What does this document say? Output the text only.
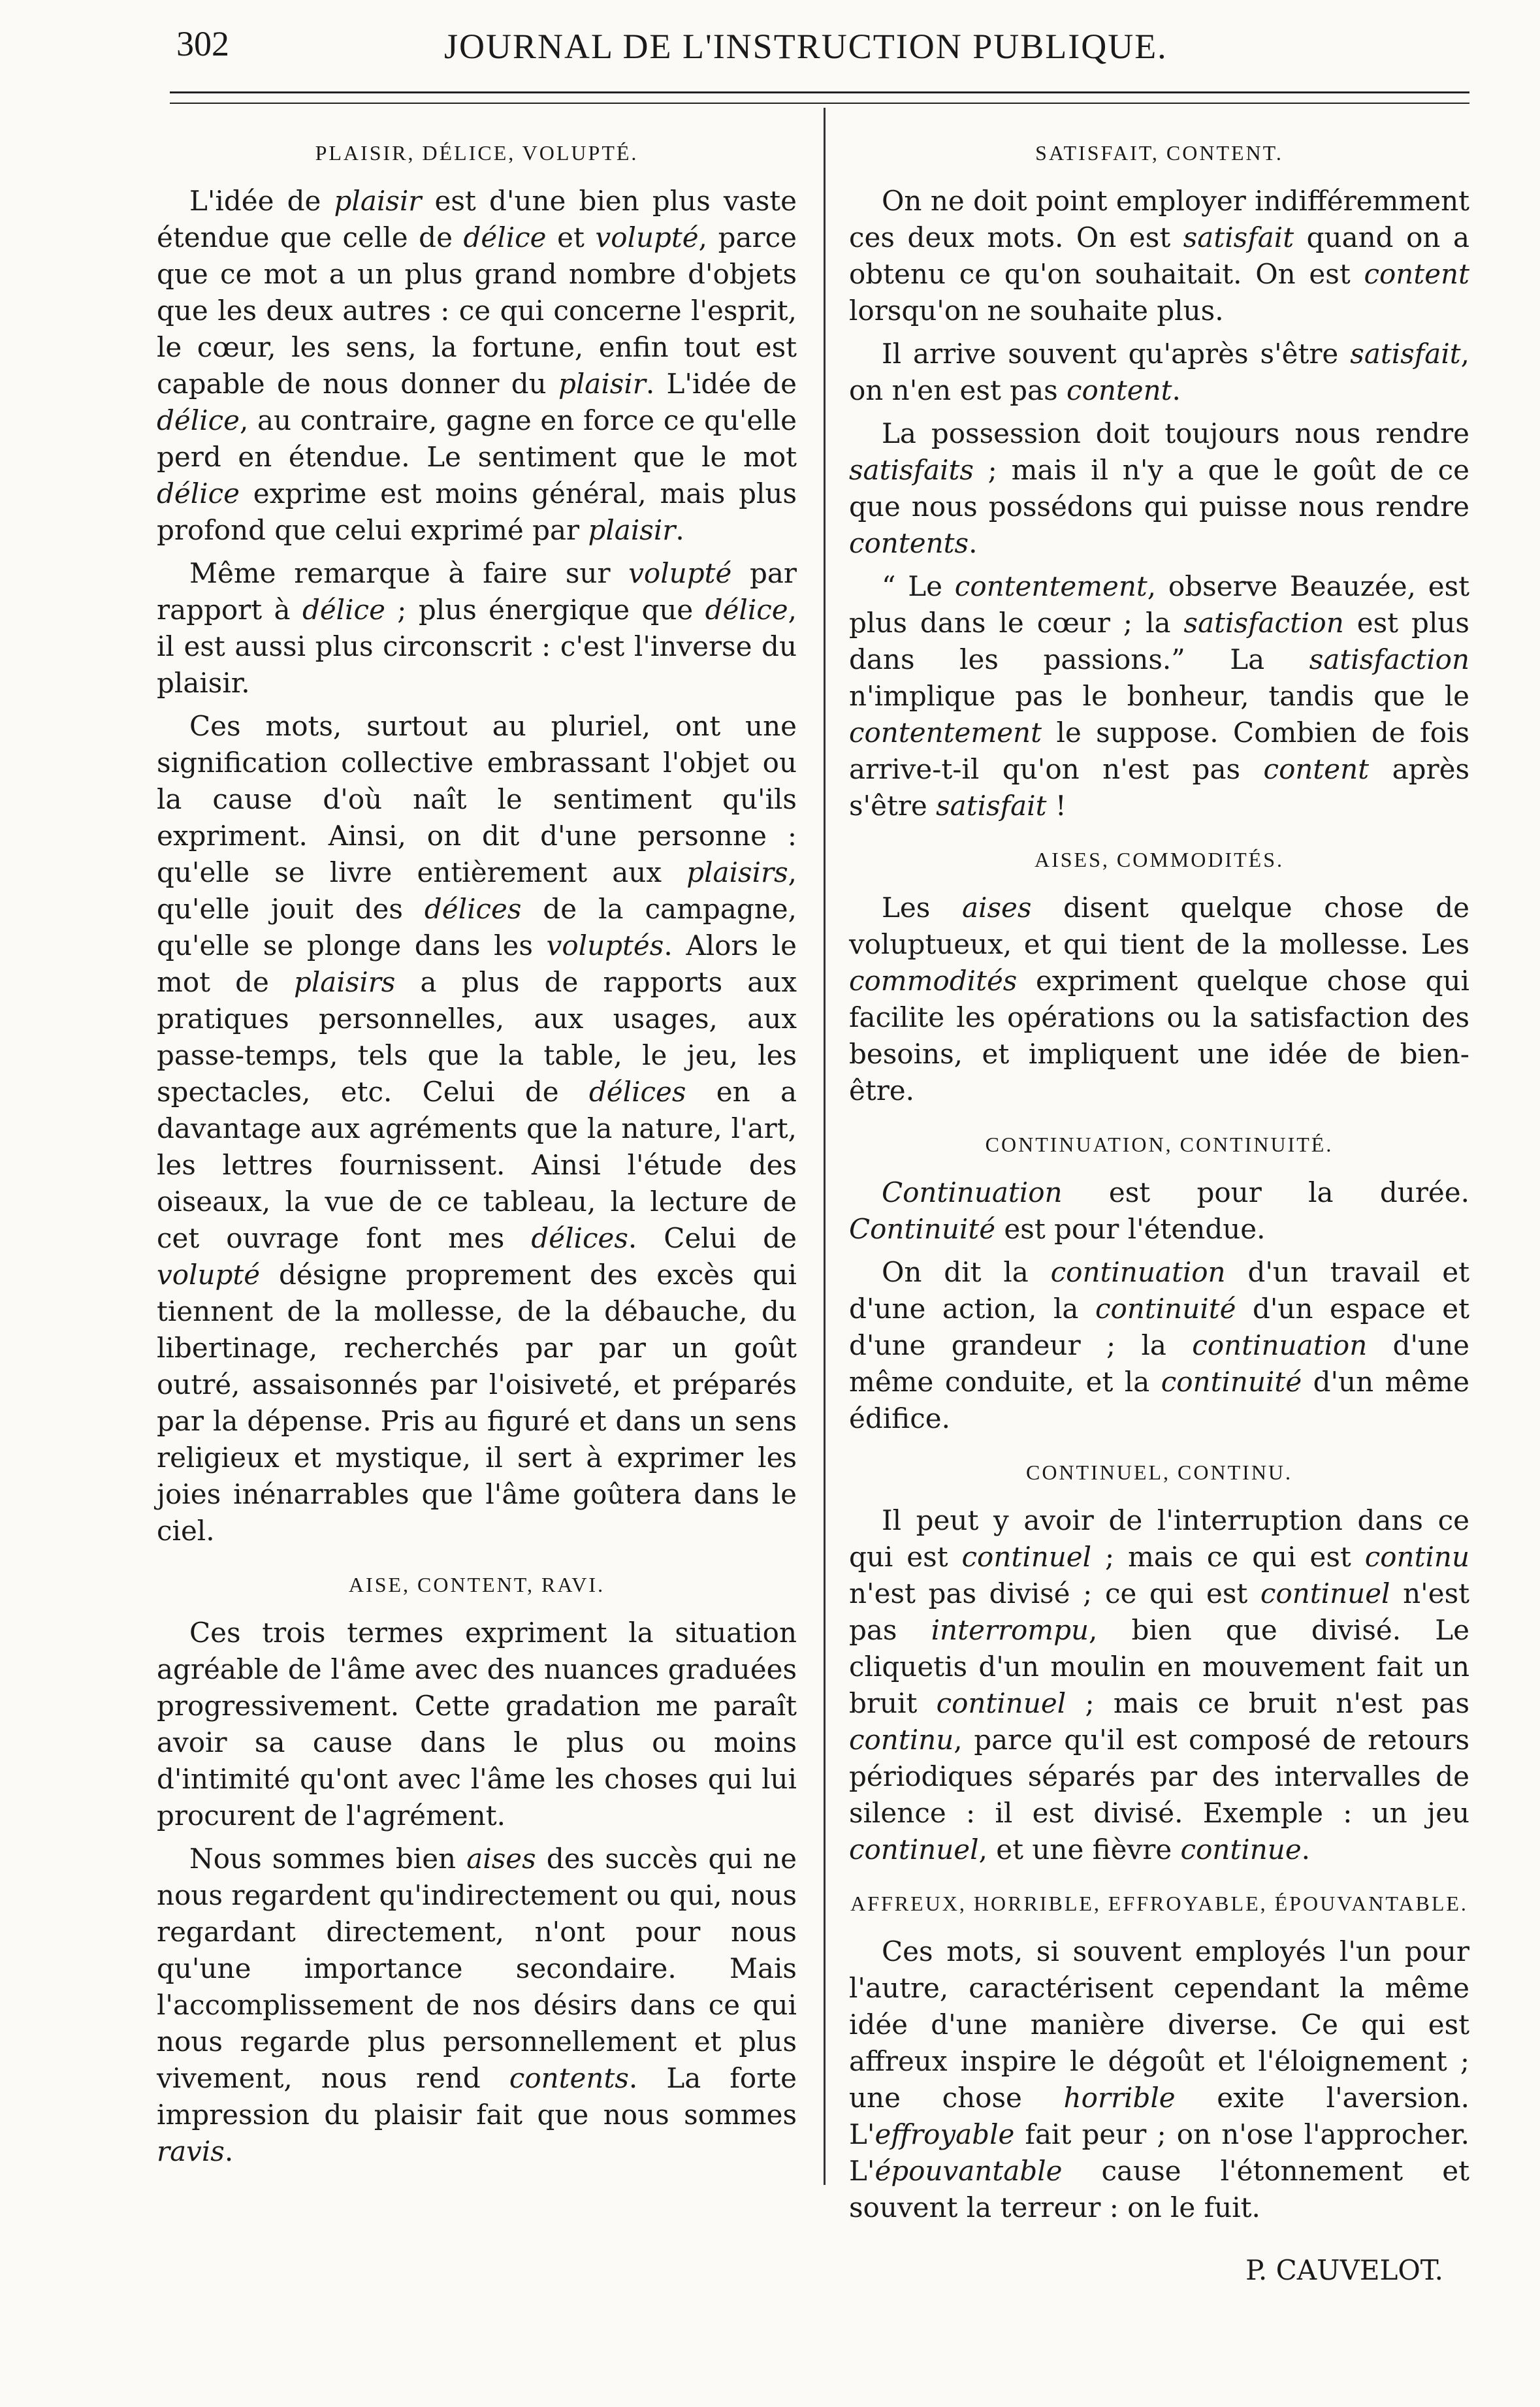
302	JOURNAL DE L'INSTRUCTION PUBLIQUE.
PLAISIR, DÉLICE, VOLUPTÉ.

L'idée de plaisir est d'une bien plus vaste étendue que celle de délice et volupté, parce que ce mot a un plus grand nombre d'objets que les deux autres : ce qui concerne l'esprit, le cœur, les sens, la fortune, enfin tout est capable de nous donner du plaisir. L'idée de délice, au contraire, gagne en force ce qu'elle perd en étendue. Le sentiment que le mot délice exprime est moins général, mais plus profond que celui exprimé par plaisir.

Même remarque à faire sur volupté par rapport à délice ; plus énergique que délice, il est aussi plus circonscrit : c'est l'inverse du plaisir.

Ces mots, surtout au pluriel, ont une signification collective embrassant l'objet ou la cause d'où naît le sentiment qu'ils expriment. Ainsi, on dit d'une personne : qu'elle se livre entièrement aux plaisirs, qu'elle jouit des délices de la campagne, qu'elle se plonge dans les voluptés. Alors le mot de plaisirs a plus de rapports aux pratiques personnelles, aux usages, aux passe-temps, tels que la table, le jeu, les spectacles, etc. Celui de délices en a davantage aux agréments que la nature, l'art, les lettres fournissent. Ainsi l'étude des oiseaux, la vue de ce tableau, la lecture de cet ouvrage font mes délices. Celui de volupté désigne proprement des excès qui tiennent de la mollesse, de la débauche, du libertinage, recherchés par par un goût outré, assaisonnés par l'oisiveté, et préparés par la dépense. Pris au figuré et dans un sens religieux et mystique, il sert à exprimer les joies inénarrables que l'âme goûtera dans le ciel.

AISE, CONTENT, RAVI.

Ces trois termes expriment la situation agréable de l'âme avec des nuances graduées progressivement. Cette gradation me paraît avoir sa cause dans le plus ou moins d'intimité qu'ont avec l'âme les choses qui lui procurent de l'agrément.

Nous sommes bien aises des succès qui ne nous regardent qu'indirectement ou qui, nous regardant directement, n'ont pour nous qu'une importance secondaire. Mais l'accomplissement de nos désirs dans ce qui nous regarde plus personnellement et plus vivement, nous rend contents. La forte impression du plaisir fait que nous sommes ravis.

SATISFAIT, CONTENT.

On ne doit point employer indifféremment ces deux mots. On est satisfait quand on a obtenu ce qu'on souhaitait. On est content lorsqu'on ne souhaite plus.

Il arrive souvent qu'après s'être satisfait, on n'en est pas content.

La possession doit toujours nous rendre satisfaits ; mais il n'y a que le goût de ce que nous possédons qui puisse nous rendre contents.

“ Le contentement, observe Beauzée, est plus dans le cœur ; la satisfaction est plus dans les passions.” La satisfaction n'implique pas le bonheur, tandis que le contentement le suppose. Combien de fois arrive-t-il qu'on n'est pas content après s'être satisfait !

AISES, COMMODITÉS.

Les aises disent quelque chose de voluptueux, et qui tient de la mollesse. Les commodités expriment quelque chose qui facilite les opérations ou la satisfaction des besoins, et impliquent une idée de bien-être.

CONTINUATION, CONTINUITÉ.

Continuation est pour la durée. Continuité est pour l'étendue.

On dit la continuation d'un travail et d'une action, la continuité d'un espace et d'une grandeur ; la continuation d'une même conduite, et la continuité d'un même édifice.

CONTINUEL, CONTINU.

Il peut y avoir de l'interruption dans ce qui est continuel ; mais ce qui est continu n'est pas divisé ; ce qui est continuel n'est pas interrompu, bien que divisé. Le cliquetis d'un moulin en mouvement fait un bruit continuel ; mais ce bruit n'est pas continu, parce qu'il est composé de retours périodiques séparés par des intervalles de silence : il est divisé. Exemple : un jeu continuel, et une fièvre continue.

AFFREUX, HORRIBLE, EFFROYABLE, ÉPOUVANTABLE.

Ces mots, si souvent employés l'un pour l'autre, caractérisent cependant la même idée d'une manière diverse. Ce qui est affreux inspire le dégoût et l'éloignement ; une chose horrible exite l'aversion. L'effroyable fait peur ; on n'ose l'approcher. L'épouvantable cause l'étonnement et souvent la terreur : on le fuit.

P. CAUVELOT.
